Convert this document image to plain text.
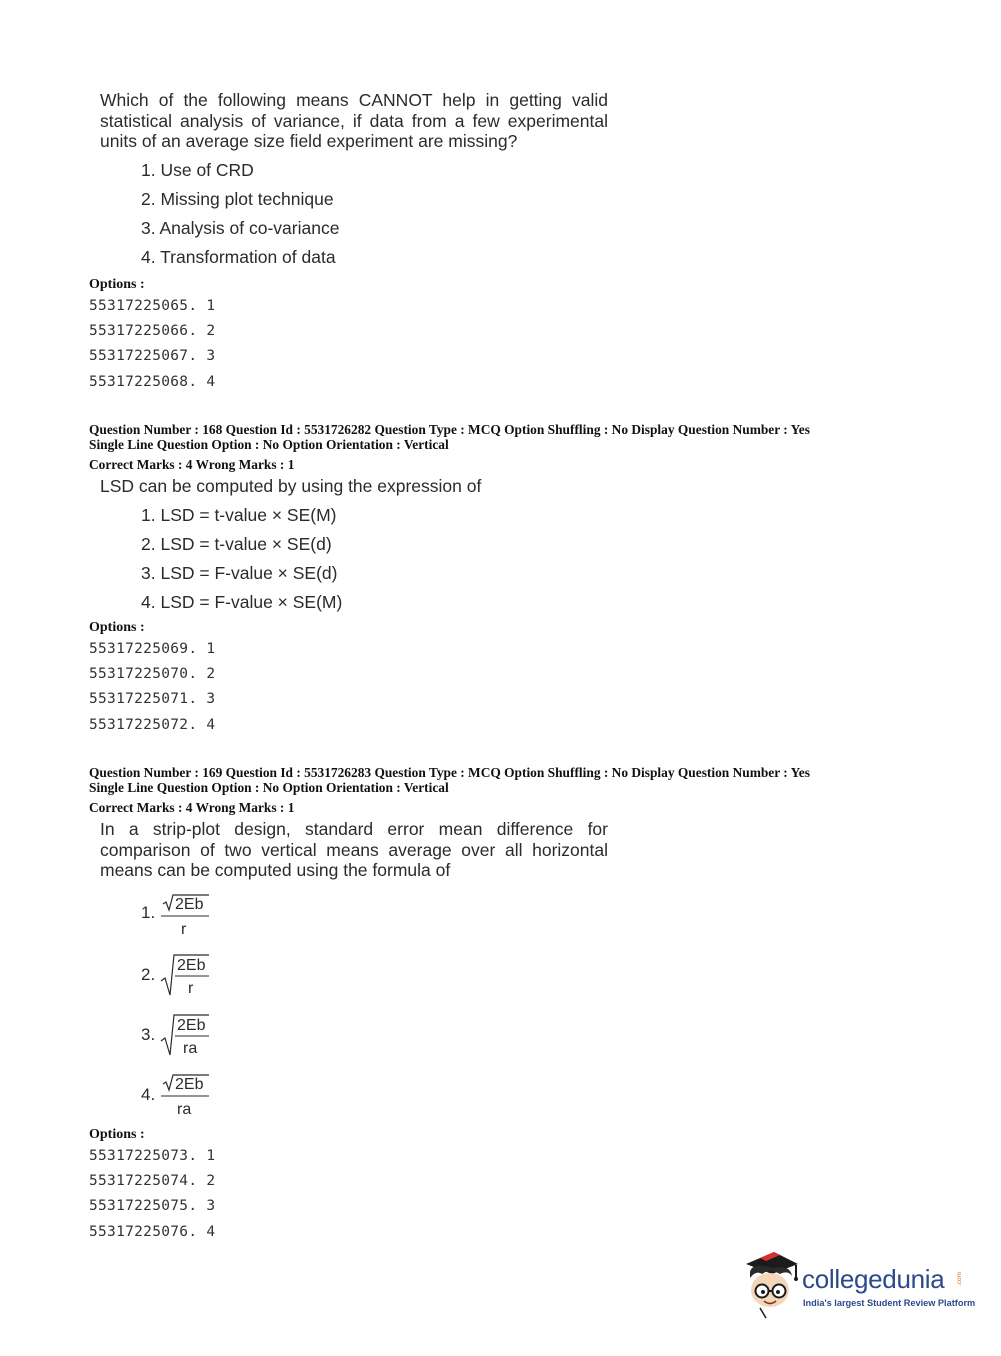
Which of the following means CANNOT help in getting valid statistical analysis of variance, if data from a few experimental units of an average size field experiment are missing?
1. Use of CRD
2. Missing plot technique
3. Analysis of co-variance
4. Transformation of data
Options :
55317225065. 1
55317225066. 2
55317225067. 3
55317225068. 4
Question Number : 168 Question Id : 5531726282 Question Type : MCQ Option Shuffling : No Display Question Number : Yes
Single Line Question Option : No Option Orientation : Vertical
Correct Marks : 4 Wrong Marks : 1
LSD can be computed by using the expression of
1. LSD = t-value × SE(M)
2. LSD = t-value × SE(d)
3. LSD = F-value × SE(d)
4. LSD = F-value × SE(M)
Options :
55317225069. 1
55317225070. 2
55317225071. 3
55317225072. 4
Question Number : 169 Question Id : 5531726283 Question Type : MCQ Option Shuffling : No Display Question Number : Yes
Single Line Question Option : No Option Orientation : Vertical
Correct Marks : 4 Wrong Marks : 1
In a strip-plot design, standard error mean difference for comparison of two vertical means average over all horizontal means can be computed using the formula of
1. 2Eb
r
2. 2Eb
r
3. 2Eb
ra
4.
2Eb
ra
Options :
55317225073. 1
55317225074. 2
55317225075. 3
55317225076. 4
collegedunia .com
India's largest Student Review Platform
